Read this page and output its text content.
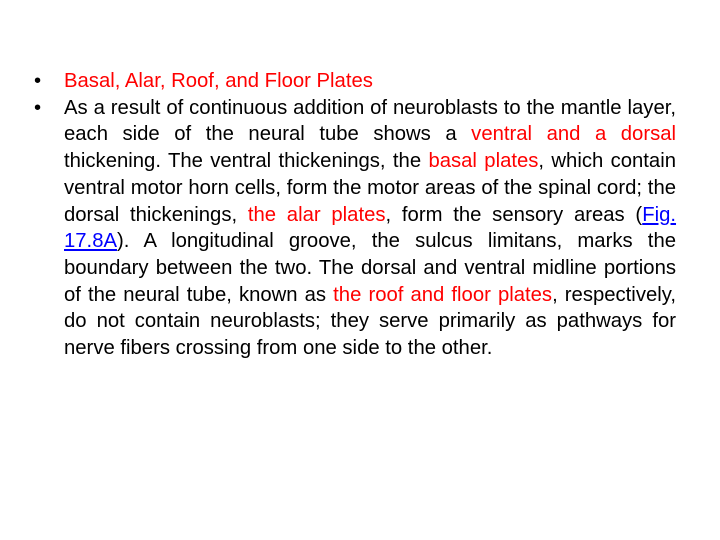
• Basal, Alar, Roof, and Floor Plates
• As a result of continuous addition of neuroblasts to the mantle layer, each side of the neural tube shows a ventral and a dorsal thickening. The ventral thickenings, the basal plates, which contain ventral motor horn cells, form the motor areas of the spinal cord; the dorsal thickenings, the alar plates, form the sensory areas (Fig. 17.8A). A longitudinal groove, the sulcus limitans, marks the boundary between the two. The dorsal and ventral midline portions of the neural tube, known as the roof and floor plates, respectively, do not contain neuroblasts; they serve primarily as pathways for nerve fibers crossing from one side to the other.
